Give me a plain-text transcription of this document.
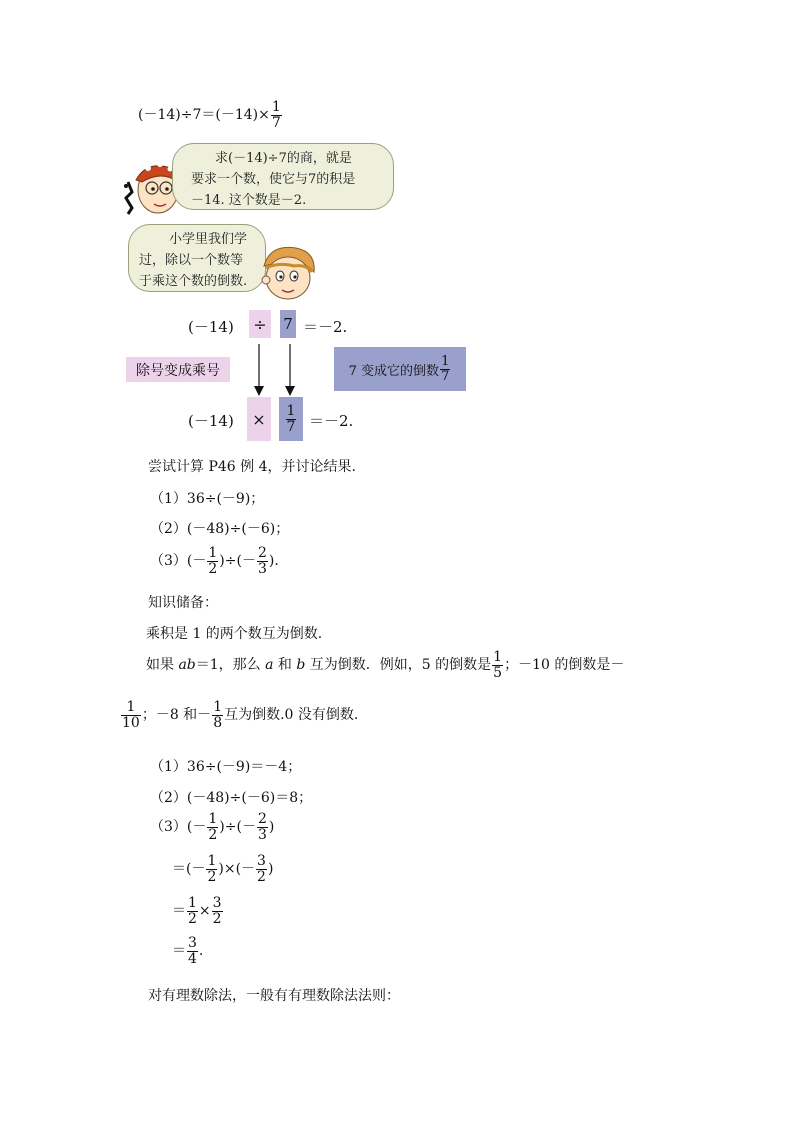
$(-14)\div 7=(-14)\times \frac{1}{7}$
求(－14)÷7的商，就是
要求一个数，使它与7的积是
－14. 这个数是－2.
小学里我们学
过，除以一个数等
于乘这个数的倒数.
(－14) ÷ 7 ＝－2.
除号变成乘号	7 变成它的倒数 $\frac{1}{7}$
$(-14) \times \frac{1}{7} =-2$.
尝试计算 P46 例 4，并讨论结果.
（1）36÷(－9)；
（2）(－48)÷(－6)；
$(3)(- \frac{1}{2}$ )÷(－ $\frac{2}{3}$ ).
知识储备：
乘积是 1 的两个数互为倒数.
如果 ab＝1，那么 a 和 b 互为倒数．例如，5 的倒数是 $\frac{1}{5}$ ；－10 的倒数是－
$\frac{1}{10}$ ；－8 和－ $\frac{1}{8}$ 互为倒数.0 没有倒数.
（1）36÷(－9)＝－4；
（2）(－48)÷(－6)＝8；
$(3)(- \frac{1}{2}$ )÷(－ $\frac{2}{3}$ )
＝(－ $\frac{1}{2}$ )×(－ $\frac{3}{2}$ )
＝ $\frac{1}{2} \times \frac{3}{2}$
＝ $\frac{3}{4}$ .
对有理数除法，一般有有理数除法法则：
